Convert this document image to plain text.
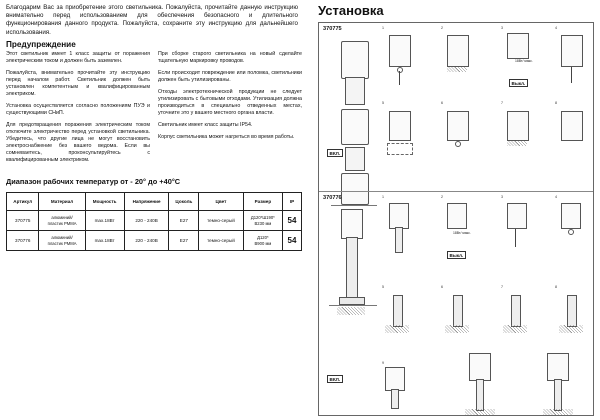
Благодарим Вас за приобретение этого светильника. Пожалуйста, прочитайте данную инструкцию внимательно перед использованием для обеспечения безопасного и длительного функционирования данного продукта. Пожалуйста, сохраните эту инструкцию для дальнейшего использования.
Предупреждение

Этот светильник имеет 1 класс защиты от поражения электрическим током и должен быть заземлен.

Пожалуйста, внимательно прочитайте эту инструкцию перед началом работ. Светильник должен быть установлен компетентным и квалифицированным электриком.

Установка осуществляется согласно положениям ПУЭ и существующими СНиП.

Для предотвращения поражения электрическим током отключите электричество перед установкой светильника. Убедитесь, что другие лица не могут восстановить электроснабжение без вашего ведома. Если вы сомневаетесь, проконсультируйтесь с квалифицированным электриком.

При сборке старого светильника на новый сделайте тщательную маркировку проводов.

Если происходит повреждение или поломка, светильники должен быть утилизированы.

Отходы электротехнической продукции не следует утилизировать с бытовыми отходами. Утилизация должна производиться в специально отведенных местах, уточните это у вашего местного органа власти.

Светильник имеет класс защиты IP54.

Корпус светильника может нагреться во время работы.

Диапазон рабочих температур от - 20° до +40°C
Артикул	Материал	Мощность	Напряжение	Цоколь	Цвет	Размер	IP
370775	алюминий/
пластик PMMA	max.18Вт	220 - 240В	E27	темно-серый	Д120*Ш190*
В230 мм	54
370776	алюминий/
пластик PMMA	max.18Вт	220 - 240В	E27	темно-серый	Д120*
В900 мм	54
Установка
370775	1	2	3	4
5	6	7	8
18Вт/ макс.
Выкл.
ВКЛ.
370776	1	2	3	4
5	6	7	8
9
18Вт/ макс.
Выкл.
ВКЛ.
